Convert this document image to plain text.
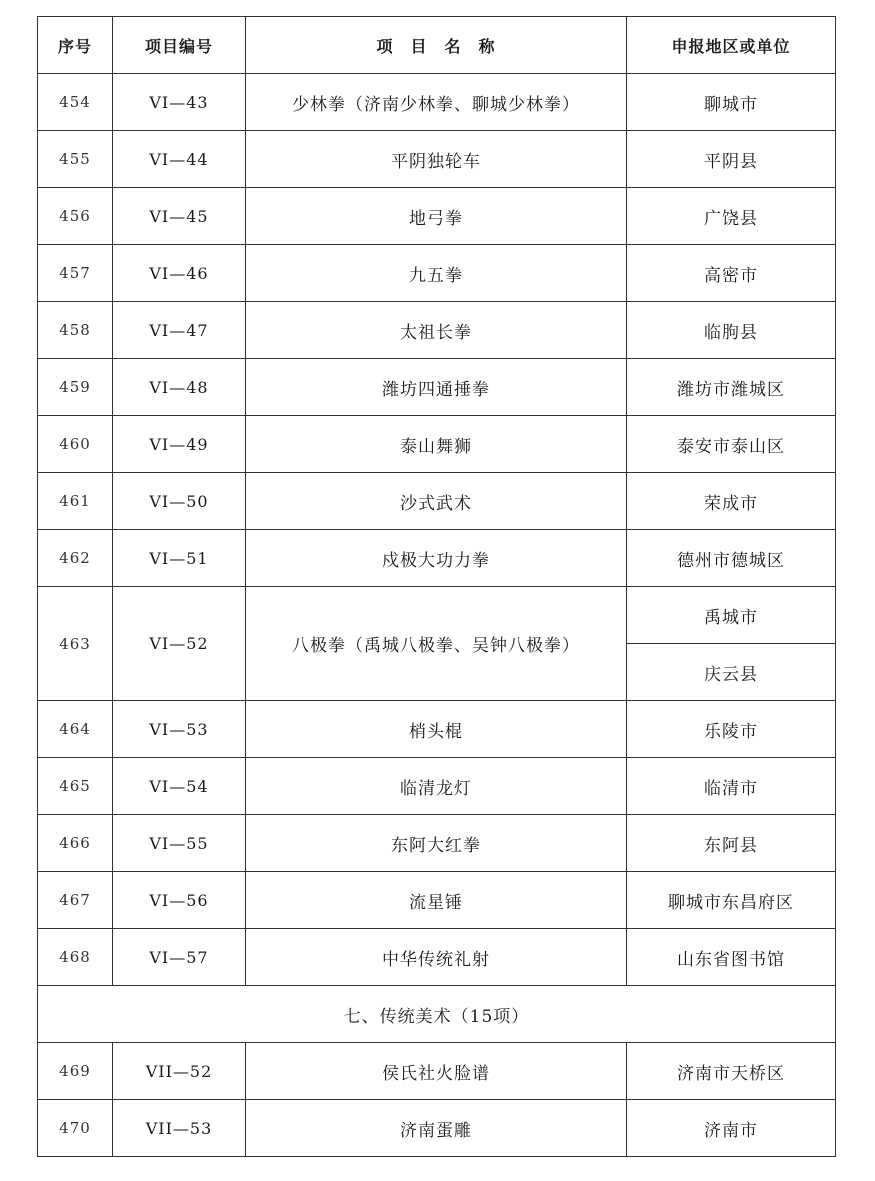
序号	项目编号	项　目　名　称	申报地区或单位
454	VI—43	少林拳（济南少林拳、聊城少林拳）	聊城市
455	VI—44	平阴独轮车	平阴县
456	VI—45	地弓拳	广饶县
457	VI—46	九五拳	高密市
458	VI—47	太祖长拳	临朐县
459	VI—48	潍坊四通捶拳	潍坊市潍城区
460	VI—49	泰山舞狮	泰安市泰山区
461	VI—50	沙式武术	荣成市
462	VI—51	戍极大功力拳	德州市德城区
463	VI—52	八极拳（禹城八极拳、吴钟八极拳）	禹城市
			庆云县
464	VI—53	梢头棍	乐陵市
465	VI—54	临清龙灯	临清市
466	VI—55	东阿大红拳	东阿县
467	VI—56	流星锤	聊城市东昌府区
468	VI—57	中华传统礼射	山东省图书馆
七、传统美术（15项）			
469	VII—52	侯氏社火脸谱	济南市天桥区
470	VII—53	济南蛋雕	济南市
